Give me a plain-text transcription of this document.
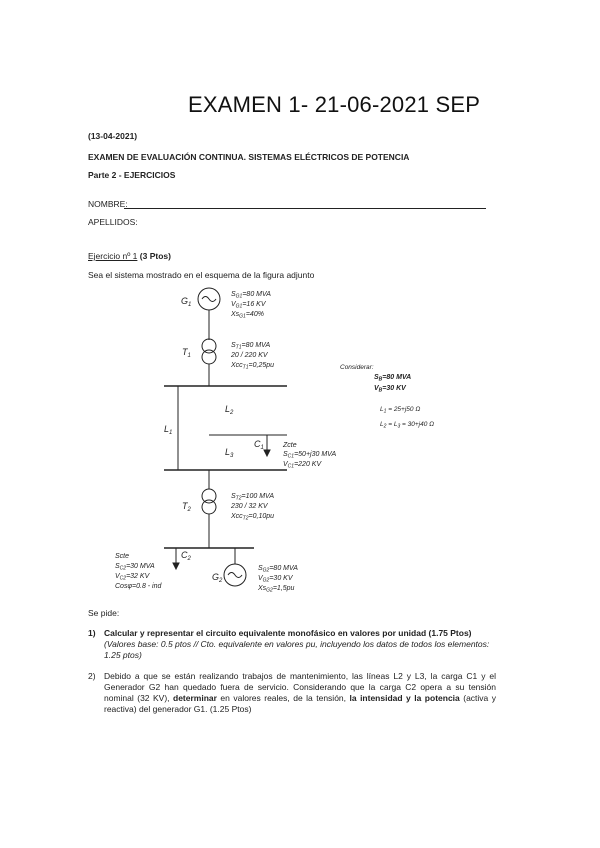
EXAMEN 1- 21-06-2021 SEP
(13-04-2021)
EXAMEN DE EVALUACIÓN CONTINUA. SISTEMAS ELÉCTRICOS DE POTENCIA
Parte 2 - EJERCICIOS
NOMBRE:
APELLIDOS:
Ejercicio nº 1 (3 Ptos)
Sea el sistema mostrado en el esquema de la figura adjunto
$G_1$
$S_{G1}=80$ MVA
$V_{G1}=16$ KV
$Xs_{G1}=40\%$
$T_1$
$S_{T1}=80$ MVA
20 / 220 KV
Xcc$_{T1}$=0,25pu
$L_1$
$L_2$
$L_3$
$C_1$	Zcte
$S_{C1}=50+j30$ MVA
$V_{C1}=220$ KV
$T_2$
$S_{T2}=100$ MVA
230 / 32 KV
Xcc$_{T2}$=0,10pu
$C_2$
Scte
$S_{C2}=30$ MVA
$V_{C2}=32$ KV
Cosφ=0.8 - ind
$G_2$
$S_{G2}=80$ MVA
$V_{G2}=30$ KV
$Xs_{G2}=1,5pu$
Considerar:
$S_B=80$ MVA
$V_B=30$ KV
$L_1 = 25+j50$ Ω
$L_2 = L_3 = 30+j40$ Ω
Se pide:
1) Calcular y representar el circuito equivalente monofásico en valores por unidad (1.75 Ptos)
(Valores base: 0.5 ptos // Cto. equivalente en valores pu, incluyendo los datos de todos los elementos: 1.25 ptos)
2) Debido a que se están realizando trabajos de mantenimiento, las líneas L2 y L3, la carga C1 y el Generador G2 han quedado fuera de servicio. Considerando que la carga C2 opera a su tensión nominal (32 KV), determinar en valores reales, de la tensión, la intensidad y la potencia (activa y reactiva) del generador G1. (1.25 Ptos)
